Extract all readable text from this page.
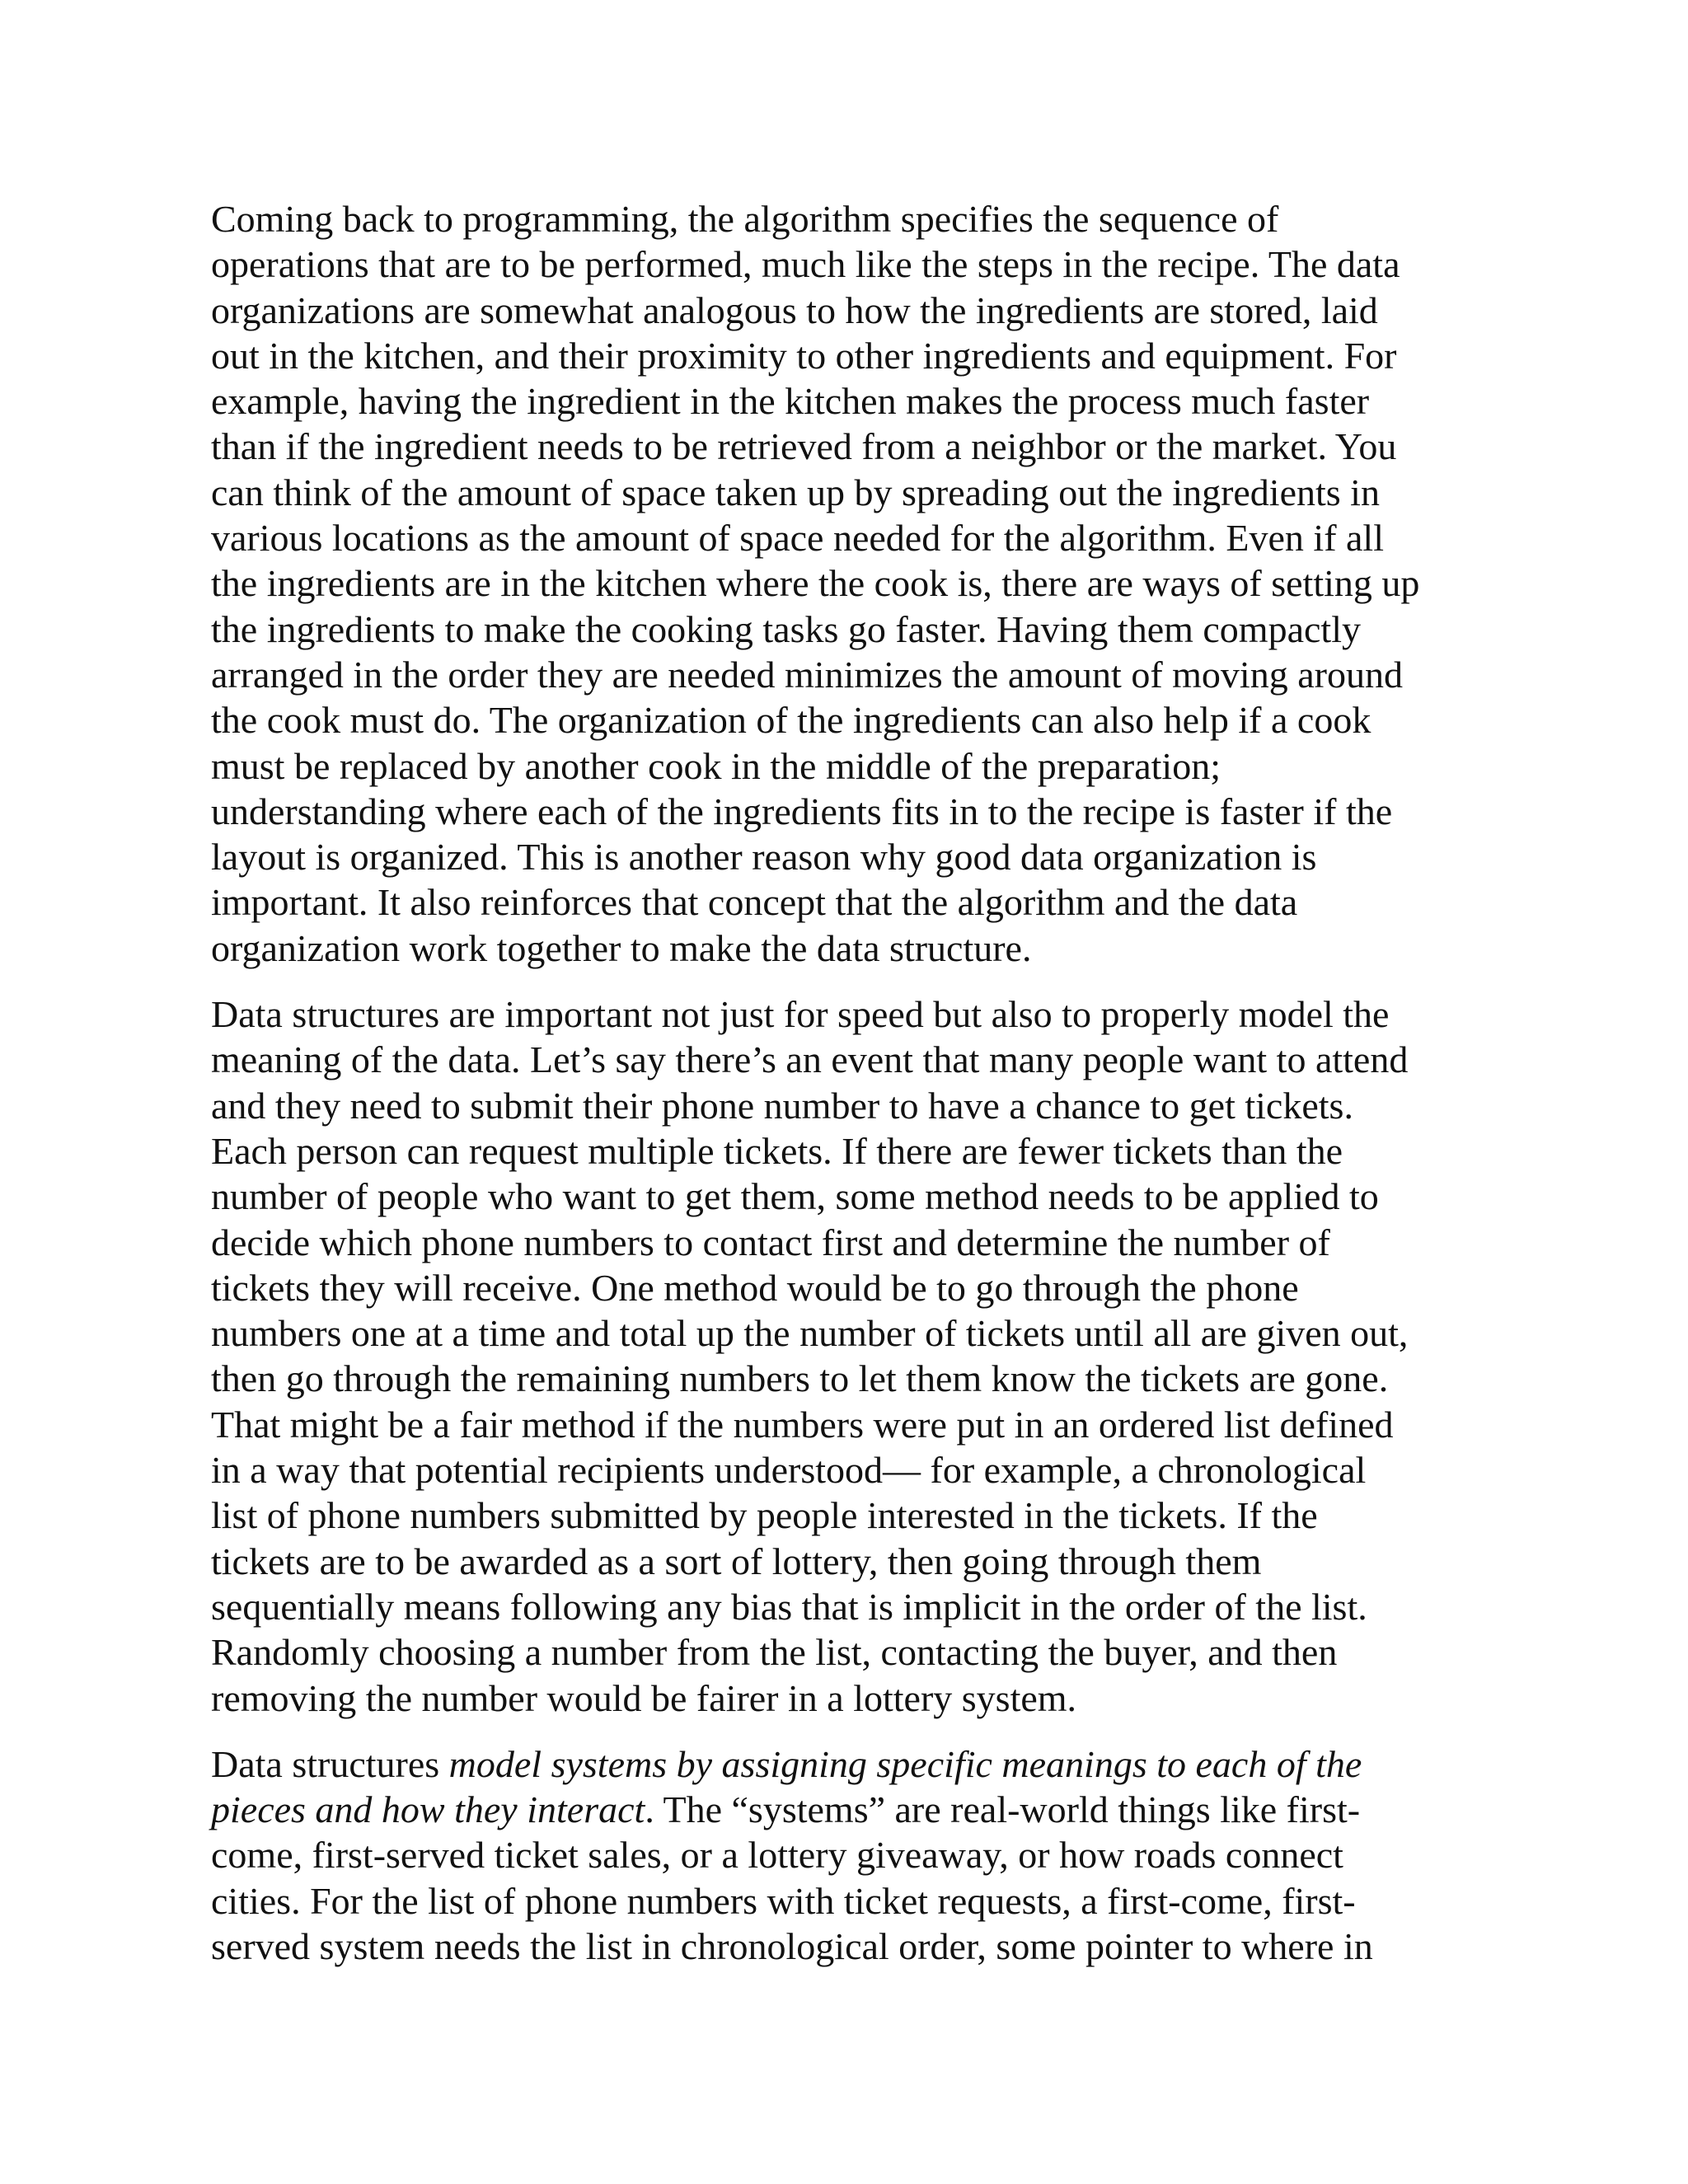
Coming back to programming, the algorithm specifies the sequence of
operations that are to be performed, much like the steps in the recipe. The data
organizations are somewhat analogous to how the ingredients are stored, laid
out in the kitchen, and their proximity to other ingredients and equipment. For
example, having the ingredient in the kitchen makes the process much faster
than if the ingredient needs to be retrieved from a neighbor or the market. You
can think of the amount of space taken up by spreading out the ingredients in
various locations as the amount of space needed for the algorithm. Even if all
the ingredients are in the kitchen where the cook is, there are ways of setting up
the ingredients to make the cooking tasks go faster. Having them compactly
arranged in the order they are needed minimizes the amount of moving around
the cook must do. The organization of the ingredients can also help if a cook
must be replaced by another cook in the middle of the preparation;
understanding where each of the ingredients fits in to the recipe is faster if the
layout is organized. This is another reason why good data organization is
important. It also reinforces that concept that the algorithm and the data
organization work together to make the data structure.
Data structures are important not just for speed but also to properly model the
meaning of the data. Let’s say there’s an event that many people want to attend
and they need to submit their phone number to have a chance to get tickets.
Each person can request multiple tickets. If there are fewer tickets than the
number of people who want to get them, some method needs to be applied to
decide which phone numbers to contact first and determine the number of
tickets they will receive. One method would be to go through the phone
numbers one at a time and total up the number of tickets until all are given out,
then go through the remaining numbers to let them know the tickets are gone.
That might be a fair method if the numbers were put in an ordered list defined
in a way that potential recipients understood— for example, a chronological
list of phone numbers submitted by people interested in the tickets. If the
tickets are to be awarded as a sort of lottery, then going through them
sequentially means following any bias that is implicit in the order of the list.
Randomly choosing a number from the list, contacting the buyer, and then
removing the number would be fairer in a lottery system.
Data structures model systems by assigning specific meanings to each of the
pieces and how they interact. The “systems” are real-world things like first-
come, first-served ticket sales, or a lottery giveaway, or how roads connect
cities. For the list of phone numbers with ticket requests, a first-come, first-
served system needs the list in chronological order, some pointer to where in
